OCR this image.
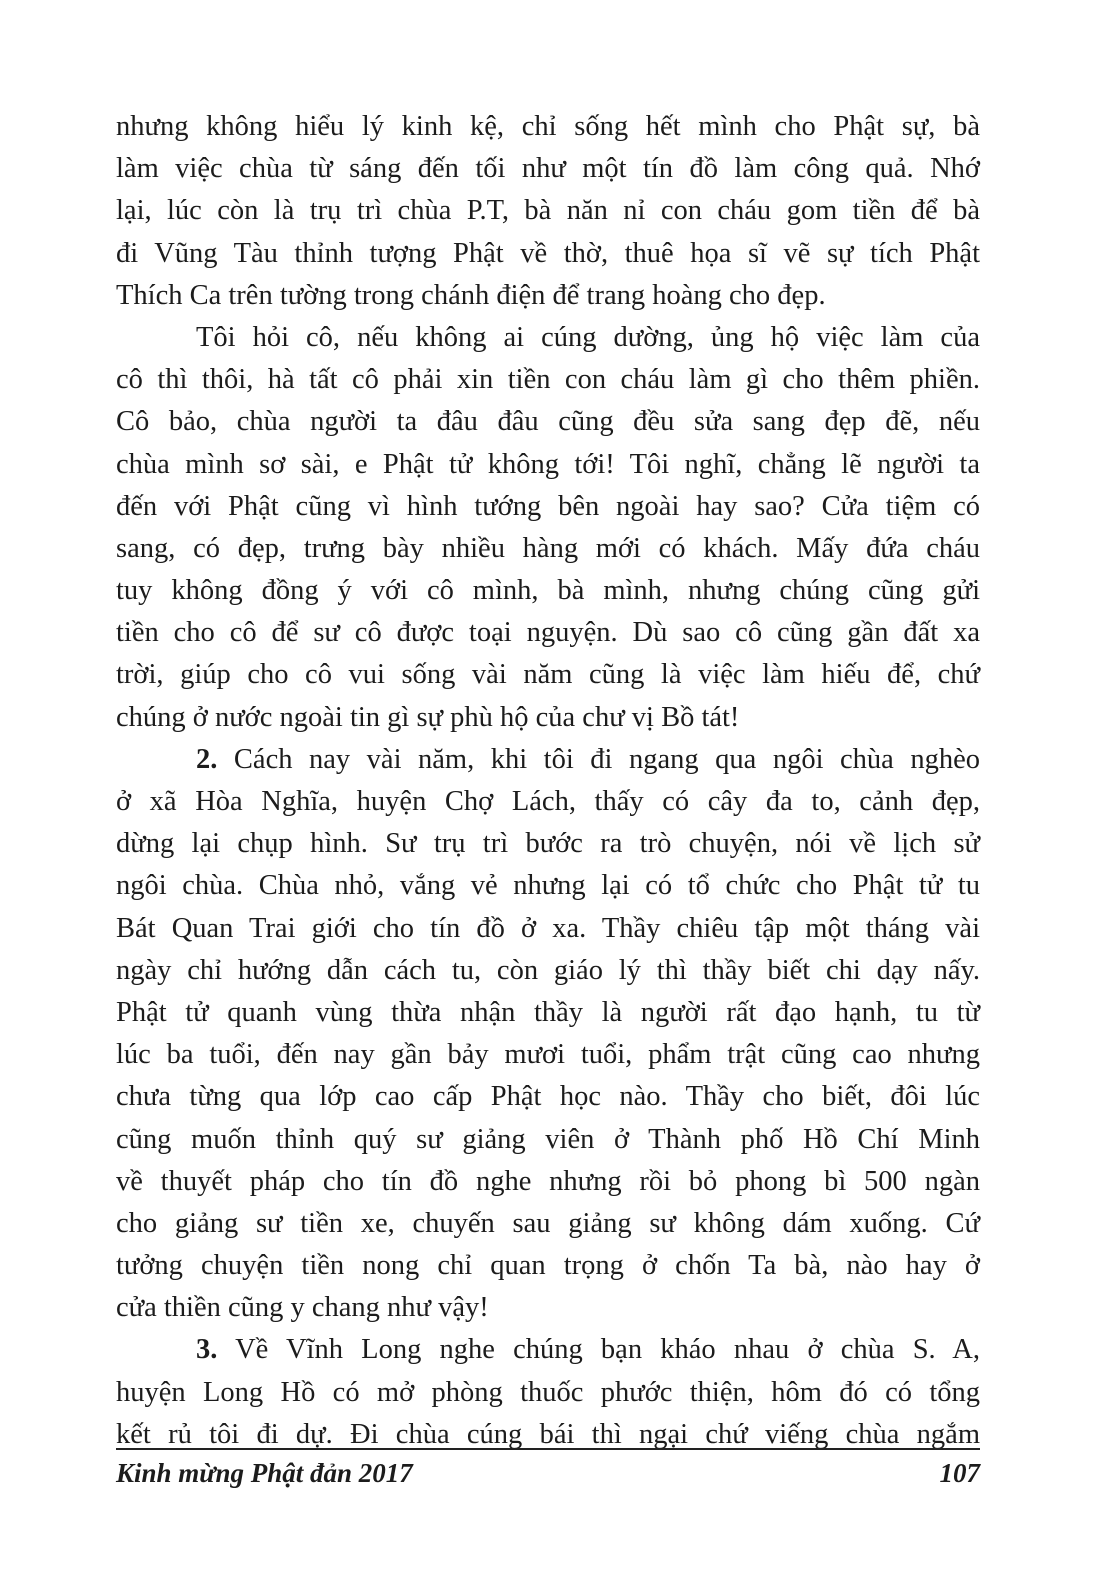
nhưng không hiểu lý kinh kệ, chỉ sống hết mình cho Phật sự, bà
làm việc chùa từ sáng đến tối như một tín đồ làm công quả. Nhớ
lại, lúc còn là trụ trì chùa P.T, bà năn nỉ con cháu gom tiền để bà
đi Vũng Tàu thỉnh tượng Phật về thờ, thuê họa sĩ vẽ sự tích Phật
Thích Ca trên tường trong chánh điện để trang hoàng cho đẹp.
Tôi hỏi cô, nếu không ai cúng dường, ủng hộ việc làm của
cô thì thôi, hà tất cô phải xin tiền con cháu làm gì cho thêm phiền.
Cô bảo, chùa người ta đâu đâu cũng đều sửa sang đẹp đẽ, nếu
chùa mình sơ sài, e Phật tử không tới! Tôi nghĩ, chẳng lẽ người ta
đến với Phật cũng vì hình tướng bên ngoài hay sao? Cửa tiệm có
sang, có đẹp, trưng bày nhiều hàng mới có khách. Mấy đứa cháu
tuy không đồng ý với cô mình, bà mình, nhưng chúng cũng gửi
tiền cho cô để sư cô được toại nguyện. Dù sao cô cũng gần đất xa
trời, giúp cho cô vui sống vài năm cũng là việc làm hiếu để, chứ
chúng ở nước ngoài tin gì sự phù hộ của chư vị Bồ tát!
2. Cách nay vài năm, khi tôi đi ngang qua ngôi chùa nghèo
ở xã Hòa Nghĩa, huyện Chợ Lách, thấy có cây đa to, cảnh đẹp,
dừng lại chụp hình. Sư trụ trì bước ra trò chuyện, nói về lịch sử
ngôi chùa. Chùa nhỏ, vắng vẻ nhưng lại có tổ chức cho Phật tử tu
Bát Quan Trai giới cho tín đồ ở xa. Thầy chiêu tập một tháng vài
ngày chỉ hướng dẫn cách tu, còn giáo lý thì thầy biết chi dạy nấy.
Phật tử quanh vùng thừa nhận thầy là người rất đạo hạnh, tu từ
lúc ba tuổi, đến nay gần bảy mươi tuổi, phẩm trật cũng cao nhưng
chưa từng qua lớp cao cấp Phật học nào. Thầy cho biết, đôi lúc
cũng muốn thỉnh quý sư giảng viên ở Thành phố Hồ Chí Minh
về thuyết pháp cho tín đồ nghe nhưng rồi bỏ phong bì 500 ngàn
cho giảng sư tiền xe, chuyến sau giảng sư không dám xuống. Cứ
tưởng chuyện tiền nong chỉ quan trọng ở chốn Ta bà, nào hay ở
cửa thiền cũng y chang như vậy!
3. Về Vĩnh Long nghe chúng bạn kháo nhau ở chùa S. A,
huyện Long Hồ có mở phòng thuốc phước thiện, hôm đó có tổng
kết rủ tôi đi dự. Đi chùa cúng bái thì ngại chứ viếng chùa ngắm
Kinh mừng Phật đản 2017	107
